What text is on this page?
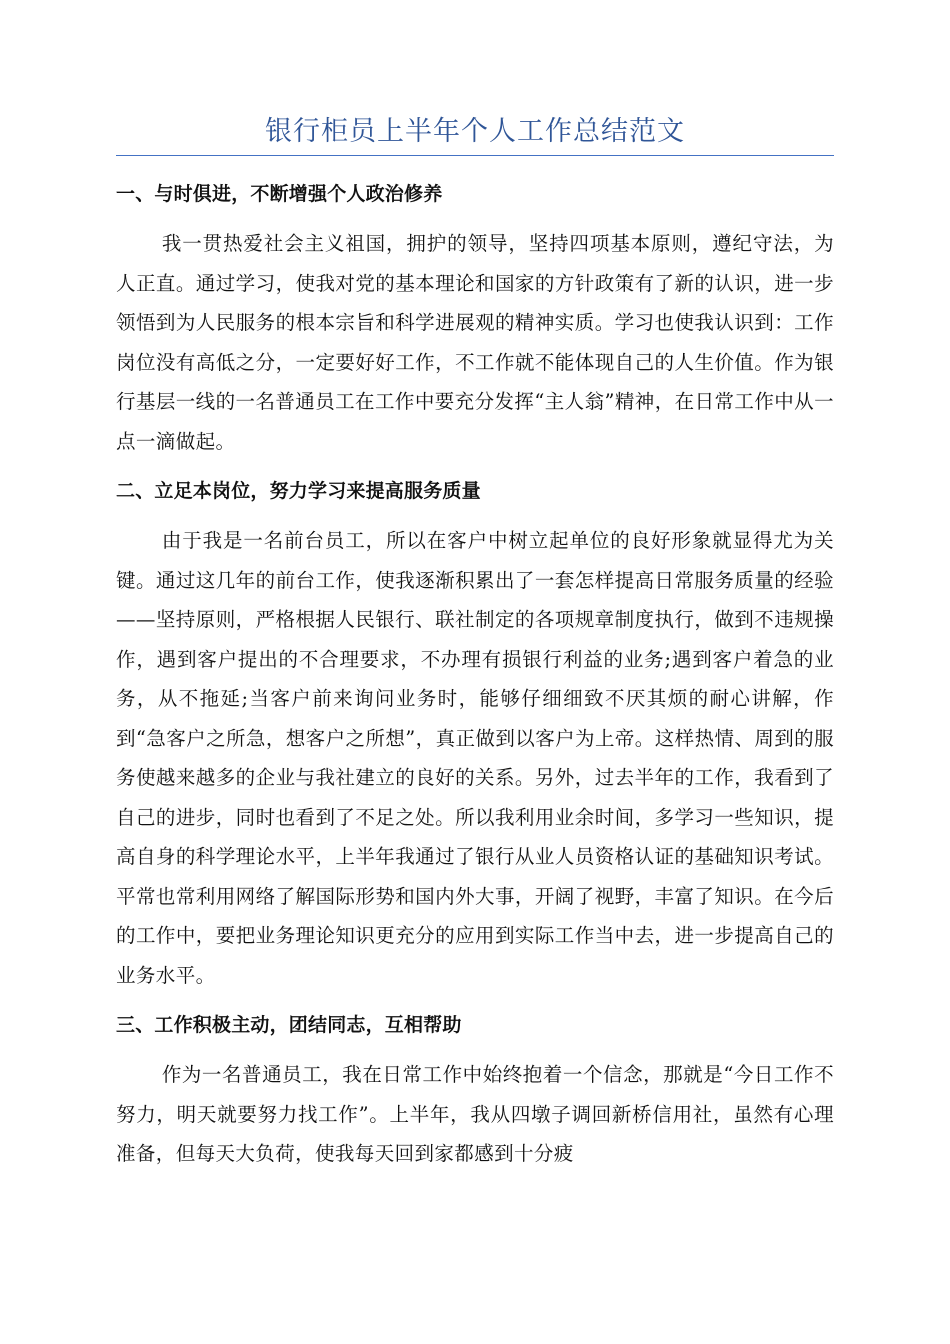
银行柜员上半年个人工作总结范文
一、与时俱进，不断增强个人政治修养

我一贯热爱社会主义祖国，拥护的领导，坚持四项基本原则，遵纪守法，为人正直。通过学习，使我对党的基本理论和国家的方针政策有了新的认识，进一步领悟到为人民服务的根本宗旨和科学进展观的精神实质。学习也使我认识到：工作岗位没有高低之分，一定要好好工作，不工作就不能体现自己的人生价值。作为银行基层一线的一名普通员工在工作中要充分发挥“主人翁”精神，在日常工作中从一点一滴做起。

二、立足本岗位，努力学习来提高服务质量

由于我是一名前台员工，所以在客户中树立起单位的良好形象就显得尤为关键。通过这几年的前台工作，使我逐渐积累出了一套怎样提高日常服务质量的经验——坚持原则，严格根据人民银行、联社制定的各项规章制度执行，做到不违规操作，遇到客户提出的不合理要求，不办理有损银行利益的业务;遇到客户着急的业务，从不拖延;当客户前来询问业务时，能够仔细细致不厌其烦的耐心讲解，作到“急客户之所急，想客户之所想”，真正做到以客户为上帝。这样热情、周到的服务使越来越多的企业与我社建立的良好的关系。另外，过去半年的工作，我看到了自己的进步，同时也看到了不足之处。所以我利用业余时间，多学习一些知识，提高自身的科学理论水平，上半年我通过了银行从业人员资格认证的基础知识考试。平常也常利用网络了解国际形势和国内外大事，开阔了视野，丰富了知识。在今后的工作中，要把业务理论知识更充分的应用到实际工作当中去，进一步提高自己的业务水平。

三、工作积极主动，团结同志，互相帮助

作为一名普通员工，我在日常工作中始终抱着一个信念，那就是“今日工作不努力，明天就要努力找工作”。上半年，我从四墩子调回新桥信用社，虽然有心理准备，但每天大负荷，使我每天回到家都感到十分疲
